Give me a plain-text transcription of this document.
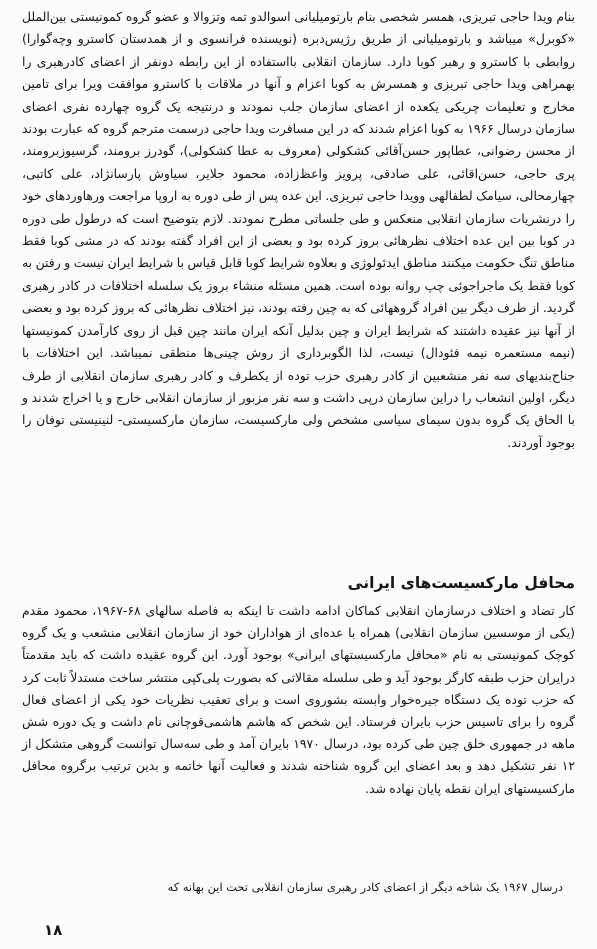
بنام ویدا حاجی تبریزی، همسر شخصی بنام بارتومیلیانی اسوالدو تمه وتزوالا و عضو گروه کمونیستی بین‌الملل «کوبرل» میباشد و بارتومیلیانی از طریق رژیس‌دبره (نویسنده فرانسوی و از همدستان کاسترو وچه‌گوارا) روابطی با کاسترو و رهبر کوبا دارد. سازمان انقلابی بااستفاده از این رابطه دونفر از اعضای کادرهبری را بهمراهی ویدا حاجی تبریزی و همسرش به کوبا اعزام و آنها در ملاقات با کاسترو موافقت ویرا برای تامین مخارج و تعلیمات چریکی یکعده از اعضای سازمان جلب نمودند و درنتیجه یک گروه چهارده نفری اعضای سازمان درسال ۱۹۶۶ به کوبا اعزام شدند که در این مسافرت ویدا حاجی درسمت مترجم گروه که عبارت بودند از محسن رضوانی، عطاپور حسن‌آقائی کشکولی (معروف به عطا کشکولی)، گودرز برومند، گرسیوزبرومند، پری حاجی، حسن‌اقائی، علی صادقی، پرویز واعظ‌زاده، محمود جلایر، سیاوش پارسانژاد، علی کاتبی، چهارمحالی، سیامک لطفالهی وویدا حاجی تبریزی. این عده پس از طی دوره به اروپا مراجعت ورهاوردهای خود را درنشریات سازمان انقلابی منعکس و طی جلساتی مطرح نمودند. لازم بتوضیح است که درطول طی دوره در کوبا بین این عده اختلاف نظرهائی بروز کرده بود و بعضی از این افراد گفته بودند که در مشی کوبا فقط مناطق تنگ حکومت میکنند مناطق ایدئولوژی و بعلاوه شرایط کوبا قابل قیاس با شرایط ایران نیست و رفتن به کوبا فقط یک ماجراجوئی چپ روانه بوده است. همین مسئله منشاء بروز یک سلسله اختلافات در کادر رهبری گردید. از طرف دیگر بین افراد گروههائی که به چین رفته بودند، نیز اختلاف نظرهائی که بروز کرده بود و بعضی از آنها نیز عقیده داشتند که شرایط ایران و چین بدلیل آنکه ایران مانند چین قبل از روی کارآمدن کمونیستها (نیمه مستعمره نیمه فئودال) نیست، لذا الگوبرداری از روش چینی‌ها منطقی نمیباشد. این اختلافات با جناح‌بندیهای سه نفر منشعبین از کادر رهبری حزب توده از یکطرف و کادر رهبری سازمان انقلابی از طرف دیگر، اولین انشعاب را دراین سازمان درپی داشت و سه نفر مزبور از سازمان انقلابی خارج و یا اخراج شدند و با الحاق یک گروه بدون سیمای سیاسی مشخص ولی مارکسیست، سازمان مارکسیستی- لنینیستی توفان را بوجود آوردند.

محافل مارکسیست‌های ایرانی

کار تضاد و اختلاف درسازمان انقلابی کماکان ادامه داشت تا اینکه به فاصله سالهای ۶۸-۱۹۶۷، محمود مقدم (یکی از موسسین سازمان انقلابی) همراه با عده‌ای از هواداران خود از سازمان انقلابی منشعب و یک گروه کوچک کمونیستی به نام «محافل مارکسیستهای ایرانی» بوجود آورد. این گروه عقیده داشت که باید مقدمتاً درایران حزب طبقه کارگر بوجود آید و طی سلسله مقالاتی که بصورت پلی‌کپی منتشر ساخت مستدلاً ثابت کرد که حزب توده یک دستگاه جیره‌خوار وابسته بشوروی است و برای تعقیب نظریات خود یکی از اعضای فعال گروه را برای تاسیس حزب بایران فرستاد. این شخص که هاشم هاشمی‌قوچانی نام داشت و یک دوره شش ماهه در جمهوری خلق چین طی کرده بود، درسال ۱۹۷۰ بایران آمد و طی سه‌سال توانست گروهی متشکل از ۱۲ نفر تشکیل دهد و بعد اعضای این گروه شناخته شدند و فعالیت آنها خاتمه و بدین ترتیب برگروه محافل مارکسیستهای ایران نقطه پایان نهاده شد.

درسال ۱۹۶۷ یک شاخه دیگر از اعضای کادر رهبری سازمان انقلابی تحت این بهانه که

۱۸
